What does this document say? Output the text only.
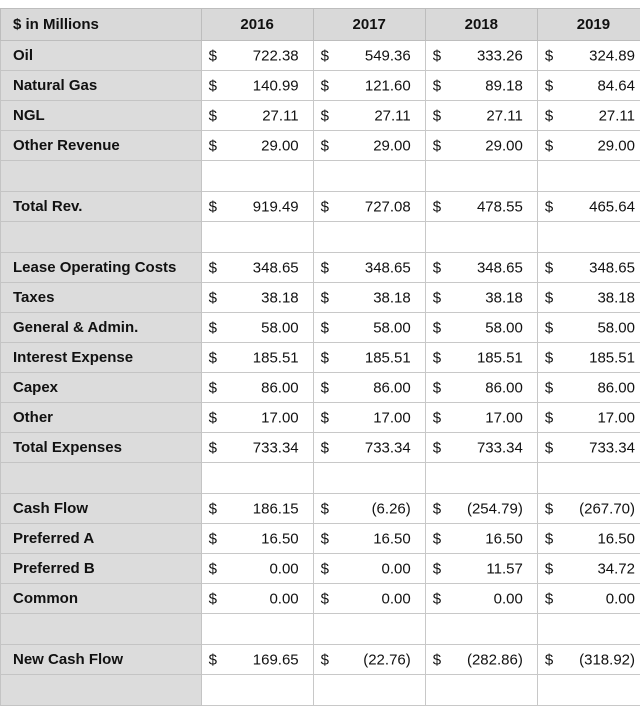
$ in Millions	2016	2017	2018	2019
Oil	$ 722.38	$ 549.36	$ 333.26	$ 324.89

Natural Gas	$ 140.99	$ 121.60	$ 89.18	$ 84.64

NGL	$ 27.11	$ 27.11	$ 27.11	$ 27.11

Other Revenue	$ 29.00	$ 29.00	$ 29.00	$ 29.00

Total Rev.	$ 919.49	$ 727.08	$ 478.55	$ 465.64

Lease Operating Costs	$ 348.65	$ 348.65	$ 348.65	$ 348.65

Taxes	$ 38.18	$ 38.18	$ 38.18	$ 38.18

General & Admin.	$ 58.00	$ 58.00	$ 58.00	$ 58.00

Interest Expense	$ 185.51	$ 185.51	$ 185.51	$ 185.51

Capex	$ 86.00	$ 86.00	$ 86.00	$ 86.00

Other	$ 17.00	$ 17.00	$ 17.00	$ 17.00

Total Expenses	$ 733.34	$ 733.34	$ 733.34	$ 733.34

Cash Flow	$ 186.15	$ (6.26)	$ (254.79)	$ (267.70)

Preferred A	$ 16.50	$ 16.50	$ 16.50	$ 16.50

Preferred B	$ 0.00	$ 0.00	$ 11.57	$ 34.72

Common	$ 0.00	$ 0.00	$ 0.00	$ 0.00

New Cash Flow	$ 169.65	$ (22.76)	$ (282.86)	$ (318.92)
